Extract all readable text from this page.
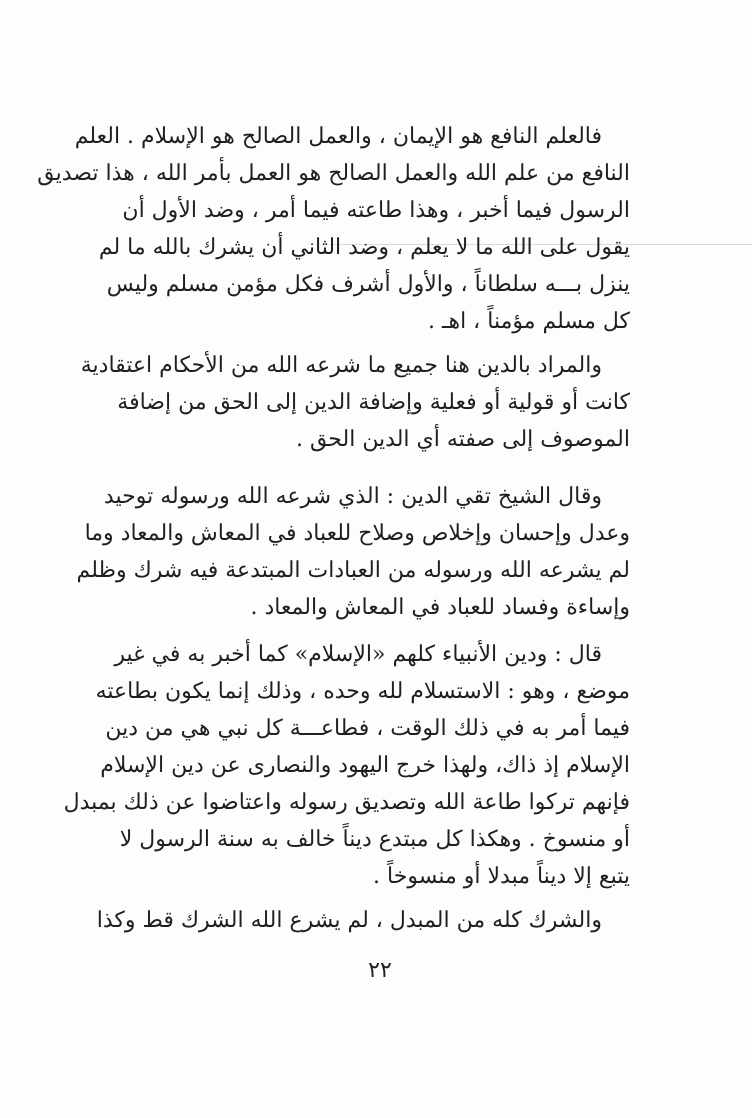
فالعلم النافع هو الإيمان ، والعمل الصالح هو الإسلام . العلم
النافع من علم الله والعمل الصالح هو العمل بأمر الله ، هذا تصديق
الرسول فيما أخبر ، وهذا طاعته فيما أمر ، وضد الأول أن
يقول على الله ما لا يعلم ، وضد الثاني أن يشرك بالله ما لم
ينزل بـــه سلطاناً ، والأول أشرف فكل مؤمن مسلم وليس
كل مسلم مؤمناً ، اهـ .
والمراد بالدين هنا جميع ما شرعه الله من الأحكام اعتقادية
كانت أو قولية أو فعلية وإضافة الدين إلى الحق من إضافة
الموصوف إلى صفته أي الدين الحق .
وقال الشيخ تقي الدين : الذي شرعه الله ورسوله توحيد
وعدل وإحسان وإخلاص وصلاح للعباد في المعاش والمعاد وما
لم يشرعه الله ورسوله من العبادات المبتدعة فيه شرك وظلم
وإساءة وفساد للعباد في المعاش والمعاد .
قال : ودين الأنبياء كلهم «الإسلام» كما أخبر به في غير
موضع ، وهو : الاستسلام لله وحده ، وذلك إنما يكون بطاعته
فيما أمر به في ذلك الوقت ، فطاعـــة كل نبي هي من دين
الإسلام إذ ذاك، ولهذا خرج اليهود والنصارى عن دين الإسلام
فإنهم تركوا طاعة الله وتصديق رسوله واعتاضوا عن ذلك بمبدل
أو منسوخ . وهكذا كل مبتدع ديناً خالف به سنة الرسول لا
يتبع إلا ديناً مبدلا أو منسوخاً .
والشرك كله من المبدل ، لم يشرع الله الشرك قط وكذا
٢٢
